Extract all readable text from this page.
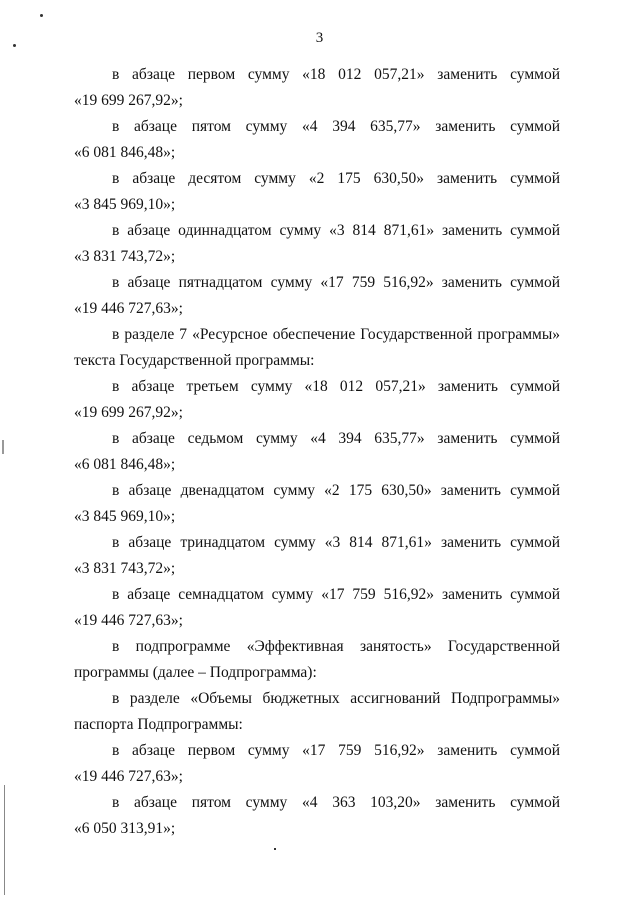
3

в абзаце первом сумму «18 012 057,21» заменить суммой
«19 699 267,92»;

в абзаце пятом сумму «4 394 635,77» заменить суммой
«6 081 846,48»;

в абзаце десятом сумму «2 175 630,50» заменить суммой
«3 845 969,10»;

в абзаце одиннадцатом сумму «3 814 871,61» заменить суммой
«3 831 743,72»;

в абзаце пятнадцатом сумму «17 759 516,92» заменить суммой
«19 446 727,63»;

в разделе 7 «Ресурсное обеспечение Государственной программы»
текста Государственной программы:

в абзаце третьем сумму «18 012 057,21» заменить суммой
«19 699 267,92»;

в абзаце седьмом сумму «4 394 635,77» заменить суммой
«6 081 846,48»;

в абзаце двенадцатом сумму «2 175 630,50» заменить суммой
«3 845 969,10»;

в абзаце тринадцатом сумму «3 814 871,61» заменить суммой
«3 831 743,72»;

в абзаце семнадцатом сумму «17 759 516,92» заменить суммой
«19 446 727,63»;

в подпрограмме «Эффективная занятость» Государственной
программы (далее – Подпрограмма):

в разделе «Объемы бюджетных ассигнований Подпрограммы»
паспорта Подпрограммы:

в абзаце первом сумму «17 759 516,92» заменить суммой
«19 446 727,63»;

в абзаце пятом сумму «4 363 103,20» заменить суммой
«6 050 313,91»;
